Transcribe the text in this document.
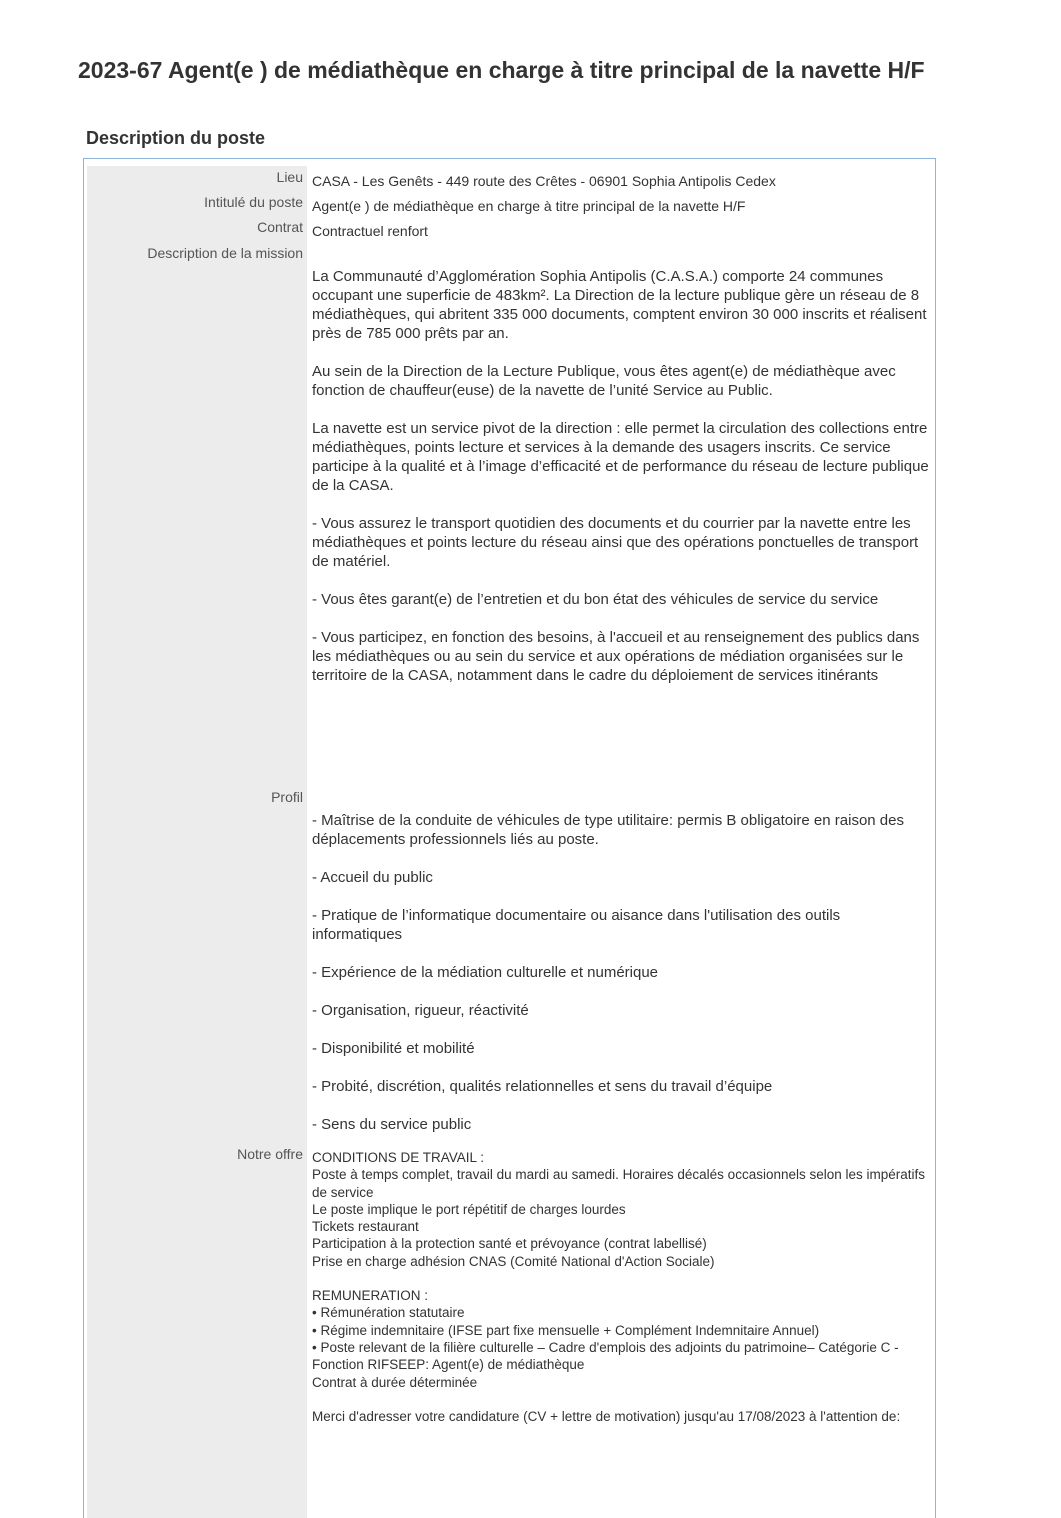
2023-67 Agent(e ) de médiathèque en charge à titre principal de la navette H/F
Description du poste
Lieu CASA - Les Genêts - 449 route des Crêtes - 06901 Sophia Antipolis Cedex
Intitulé du poste Agent(e ) de médiathèque en charge à titre principal de la navette H/F
Contrat Contractuel renfort
Description de la mission

La Communauté d’Agglomération Sophia Antipolis (C.A.S.A.) comporte 24 communes occupant une superficie de 483km². La Direction de la lecture publique gère un réseau de 8 médiathèques, qui abritent 335 000 documents, comptent environ 30 000 inscrits et réalisent près de 785 000 prêts par an.

Au sein de la Direction de la Lecture Publique, vous êtes agent(e) de médiathèque avec fonction de chauffeur(euse) de la navette de l’unité Service au Public.

La navette est un service pivot de la direction : elle permet la circulation des collections entre médiathèques, points lecture et services à la demande des usagers inscrits. Ce service participe à la qualité et à l’image d’efficacité et de performance du réseau de lecture publique de la CASA.

- Vous assurez le transport quotidien des documents et du courrier par la navette entre les médiathèques et points lecture du réseau ainsi que des opérations ponctuelles de transport de matériel.

- Vous êtes garant(e) de l’entretien et du bon état des véhicules de service du service

- Vous participez, en fonction des besoins, à l'accueil et au renseignement des publics dans les médiathèques ou au sein du service et aux opérations de médiation organisées sur le territoire de la CASA, notamment dans le cadre du déploiement de services itinérants

Profil

- Maîtrise de la conduite de véhicules de type utilitaire: permis B obligatoire en raison des déplacements professionnels liés au poste.

- Accueil du public

- Pratique de l’informatique documentaire ou aisance dans l'utilisation des outils informatiques

- Expérience de la médiation culturelle et numérique

- Organisation, rigueur, réactivité

- Disponibilité et mobilité

- Probité, discrétion, qualités relationnelles et sens du travail d’équipe

- Sens du service public

Notre offre CONDITIONS DE TRAVAIL :
Poste à temps complet, travail du mardi au samedi. Horaires décalés occasionnels selon les impératifs de service
Le poste implique le port répétitif de charges lourdes
Tickets restaurant
Participation à la protection santé et prévoyance (contrat labellisé)
Prise en charge adhésion CNAS (Comité National d'Action Sociale)
REMUNERATION :
• Rémunération statutaire
• Régime indemnitaire (IFSE part fixe mensuelle + Complément Indemnitaire Annuel)
• Poste relevant de la filière culturelle – Cadre d'emplois des adjoints du patrimoine– Catégorie C - Fonction RIFSEEP: Agent(e) de médiathèque
Contrat à durée déterminée
Merci d'adresser votre candidature (CV + lettre de motivation) jusqu'au 17/08/2023 à l'attention de:
